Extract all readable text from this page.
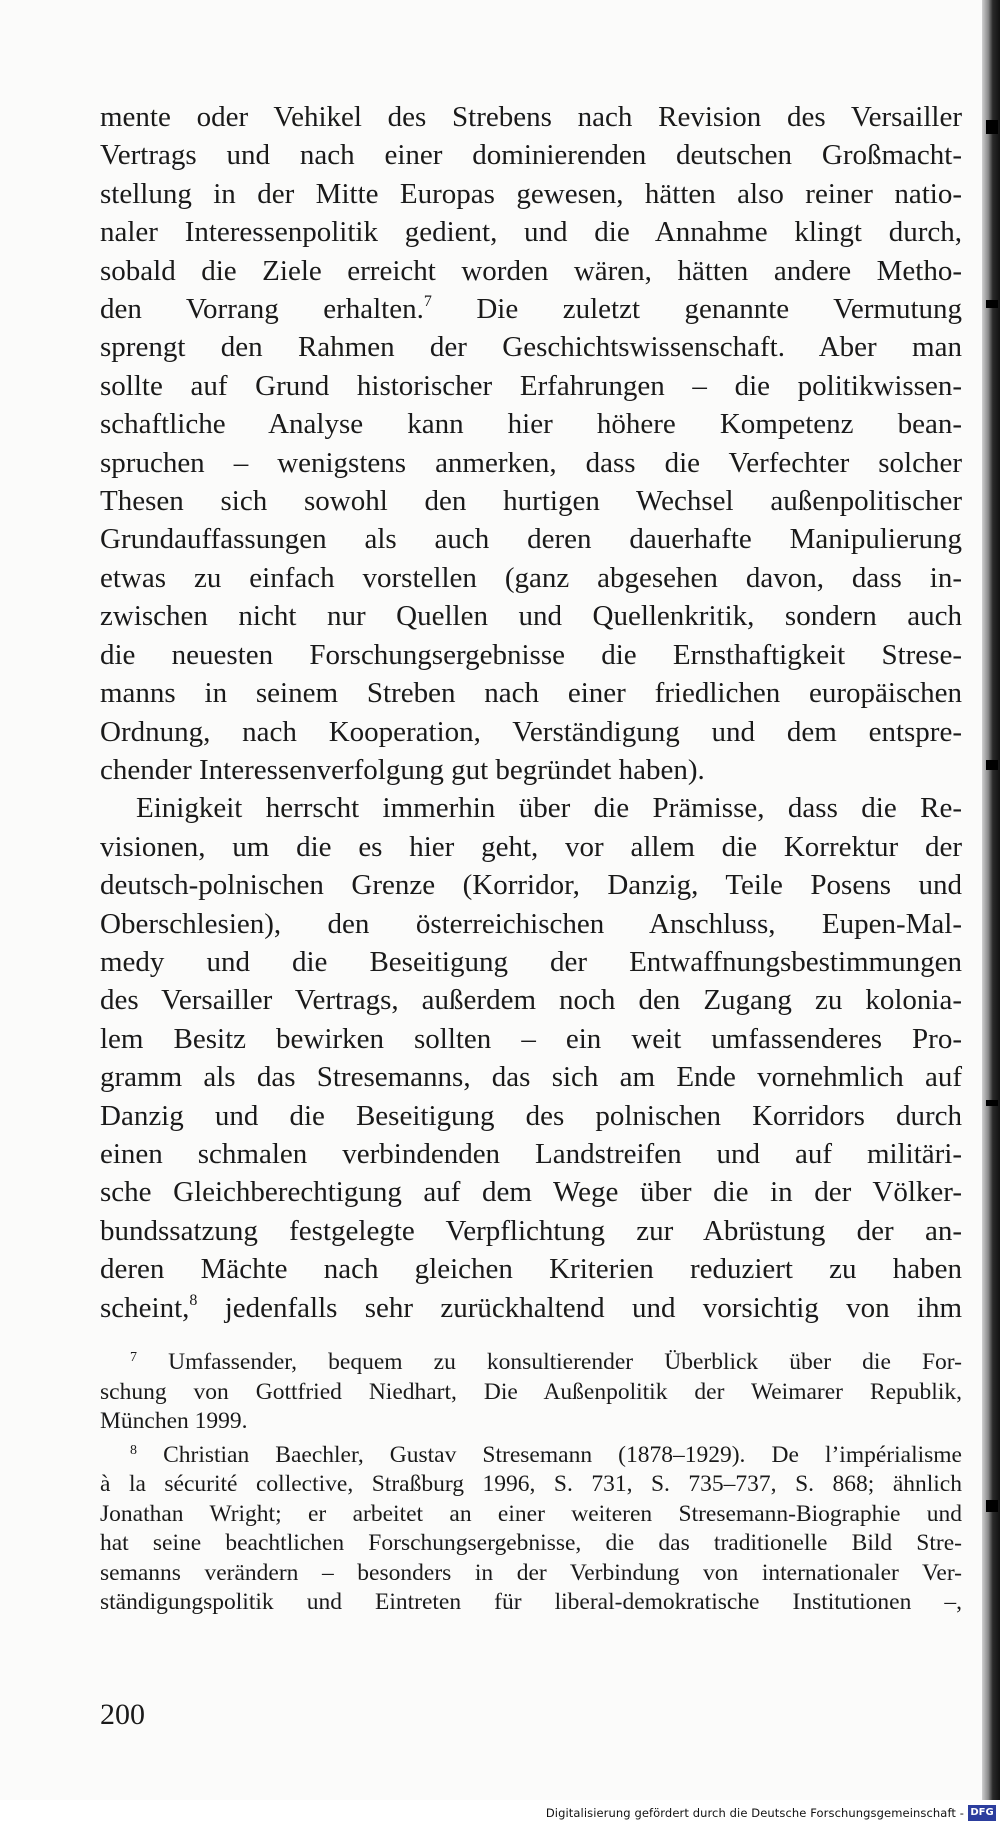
mente oder Vehikel des Strebens nach Revision des Versailler
Vertrags und nach einer dominierenden deutschen Großmacht-
stellung in der Mitte Europas gewesen, hätten also reiner natio-
naler Interessenpolitik gedient, und die Annahme klingt durch,
sobald die Ziele erreicht worden wären, hätten andere Metho-
den Vorrang erhalten.$^7$ Die zuletzt genannte Vermutung
sprengt den Rahmen der Geschichtswissenschaft. Aber man
sollte auf Grund historischer Erfahrungen – die politikwissen-
schaftliche Analyse kann hier höhere Kompetenz bean-
spruchen – wenigstens anmerken, dass die Verfechter solcher
Thesen sich sowohl den hurtigen Wechsel außenpolitischer
Grundauffassungen als auch deren dauerhafte Manipulierung
etwas zu einfach vorstellen (ganz abgesehen davon, dass in-
zwischen nicht nur Quellen und Quellenkritik, sondern auch
die neuesten Forschungsergebnisse die Ernsthaftigkeit Strese-
manns in seinem Streben nach einer friedlichen europäischen
Ordnung, nach Kooperation, Verständigung und dem entspre-
chender Interessenverfolgung gut begründet haben).
Einigkeit herrscht immerhin über die Prämisse, dass die Re-
visionen, um die es hier geht, vor allem die Korrektur der
deutsch-polnischen Grenze (Korridor, Danzig, Teile Posens und
Oberschlesien), den österreichischen Anschluss, Eupen-Mal-
medy und die Beseitigung der Entwaffnungsbestimmungen
des Versailler Vertrags, außerdem noch den Zugang zu kolonia-
lem Besitz bewirken sollten – ein weit umfassenderes Pro-
gramm als das Stresemanns, das sich am Ende vornehmlich auf
Danzig und die Beseitigung des polnischen Korridors durch
einen schmalen verbindenden Landstreifen und auf militäri-
sche Gleichberechtigung auf dem Wege über die in der Völker-
bundssatzung festgelegte Verpflichtung zur Abrüstung der an-
deren Mächte nach gleichen Kriterien reduziert zu haben
scheint,$^8$ jedenfalls sehr zurückhaltend und vorsichtig von ihm
$^7$ Umfassender, bequem zu konsultierender Überblick über die For-
schung von Gottfried Niedhart, Die Außenpolitik der Weimarer Republik,
München 1999.
$^8$ Christian Baechler, Gustav Stresemann (1878–1929). De l’impérialisme
à la sécurité collective, Straßburg 1996, S. 731, S. 735–737, S. 868; ähnlich
Jonathan Wright; er arbeitet an einer weiteren Stresemann-Biographie und
hat seine beachtlichen Forschungsergebnisse, die das traditionelle Bild Stre-
semanns verändern – besonders in der Verbindung von internationaler Ver-
ständigungspolitik und Eintreten für liberal-demokratische Institutionen –,
200
Digitalisierung gefördert durch die Deutsche Forschungsgemeinschaft - DFG
